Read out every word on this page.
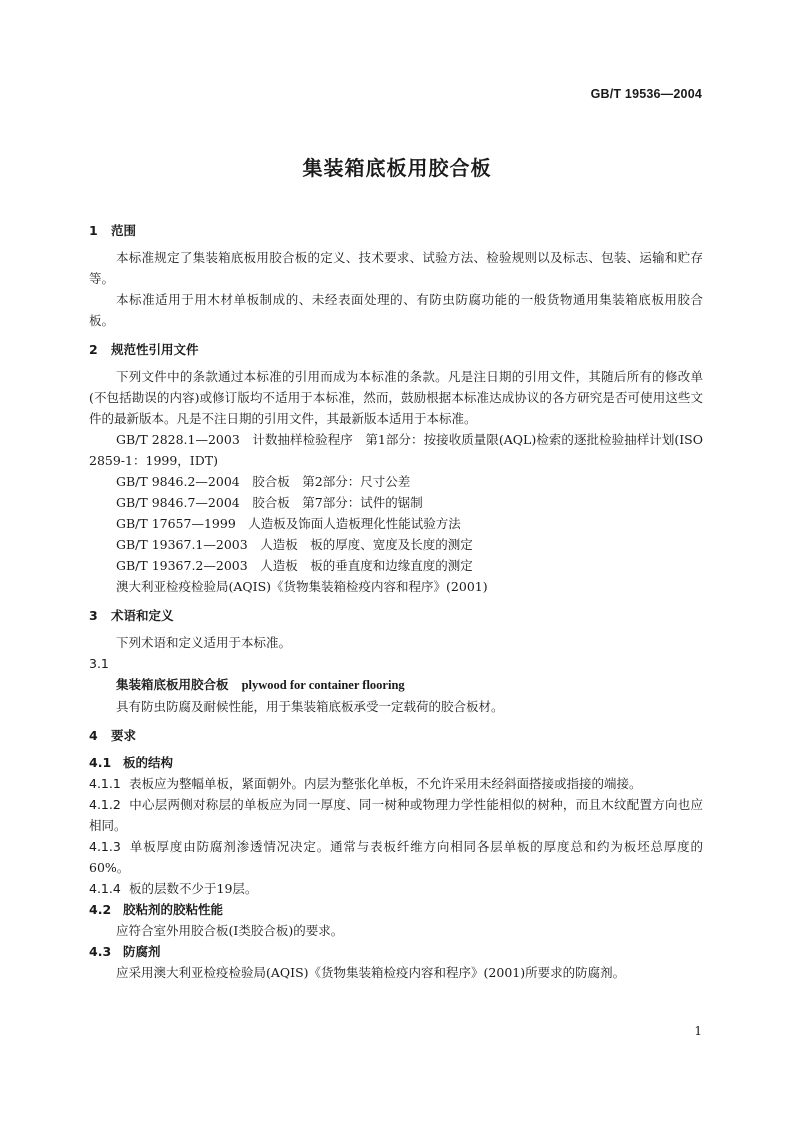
GB/T 19536—2004
集装箱底板用胶合板
1 范围
本标准规定了集装箱底板用胶合板的定义、技术要求、试验方法、检验规则以及标志、包装、运输和贮存等。
本标准适用于用木材单板制成的、未经表面处理的、有防虫防腐功能的一般货物通用集装箱底板用胶合板。
2 规范性引用文件
下列文件中的条款通过本标准的引用而成为本标准的条款。凡是注日期的引用文件，其随后所有的修改单(不包括勘误的内容)或修订版均不适用于本标准，然而，鼓励根据本标准达成协议的各方研究是否可使用这些文件的最新版本。凡是不注日期的引用文件，其最新版本适用于本标准。
GB/T 2828.1—2003　计数抽样检验程序　第1部分：按接收质量限(AQL)检索的逐批检验抽样计划(ISO 2859-1：1999，IDT)
GB/T 9846.2—2004　胶合板　第2部分：尺寸公差
GB/T 9846.7—2004　胶合板　第7部分：试件的锯制
GB/T 17657—1999　人造板及饰面人造板理化性能试验方法
GB/T 19367.1—2003　人造板　板的厚度、宽度及长度的测定
GB/T 19367.2—2003　人造板　板的垂直度和边缘直度的测定
澳大利亚检疫检验局(AQIS)《货物集装箱检疫内容和程序》(2001)
3 术语和定义
下列术语和定义适用于本标准。
3.1
集装箱底板用胶合板 plywood for container flooring
具有防虫防腐及耐候性能，用于集装箱底板承受一定载荷的胶合板材。
4 要求
4.1 板的结构
4.1.1 表板应为整幅单板，紧面朝外。内层为整张化单板，不允许采用未经斜面搭接或指接的端接。
4.1.2 中心层两侧对称层的单板应为同一厚度、同一树种或物理力学性能相似的树种，而且木纹配置方向也应相同。
4.1.3 单板厚度由防腐剂渗透情况决定。通常与表板纤维方向相同各层单板的厚度总和约为板坯总厚度的60%。
4.1.4 板的层数不少于19层。
4.2 胶粘剂的胶粘性能
应符合室外用胶合板(Ⅰ类胶合板)的要求。
4.3 防腐剂
应采用澳大利亚检疫检验局(AQIS)《货物集装箱检疫内容和程序》(2001)所要求的防腐剂。
1
